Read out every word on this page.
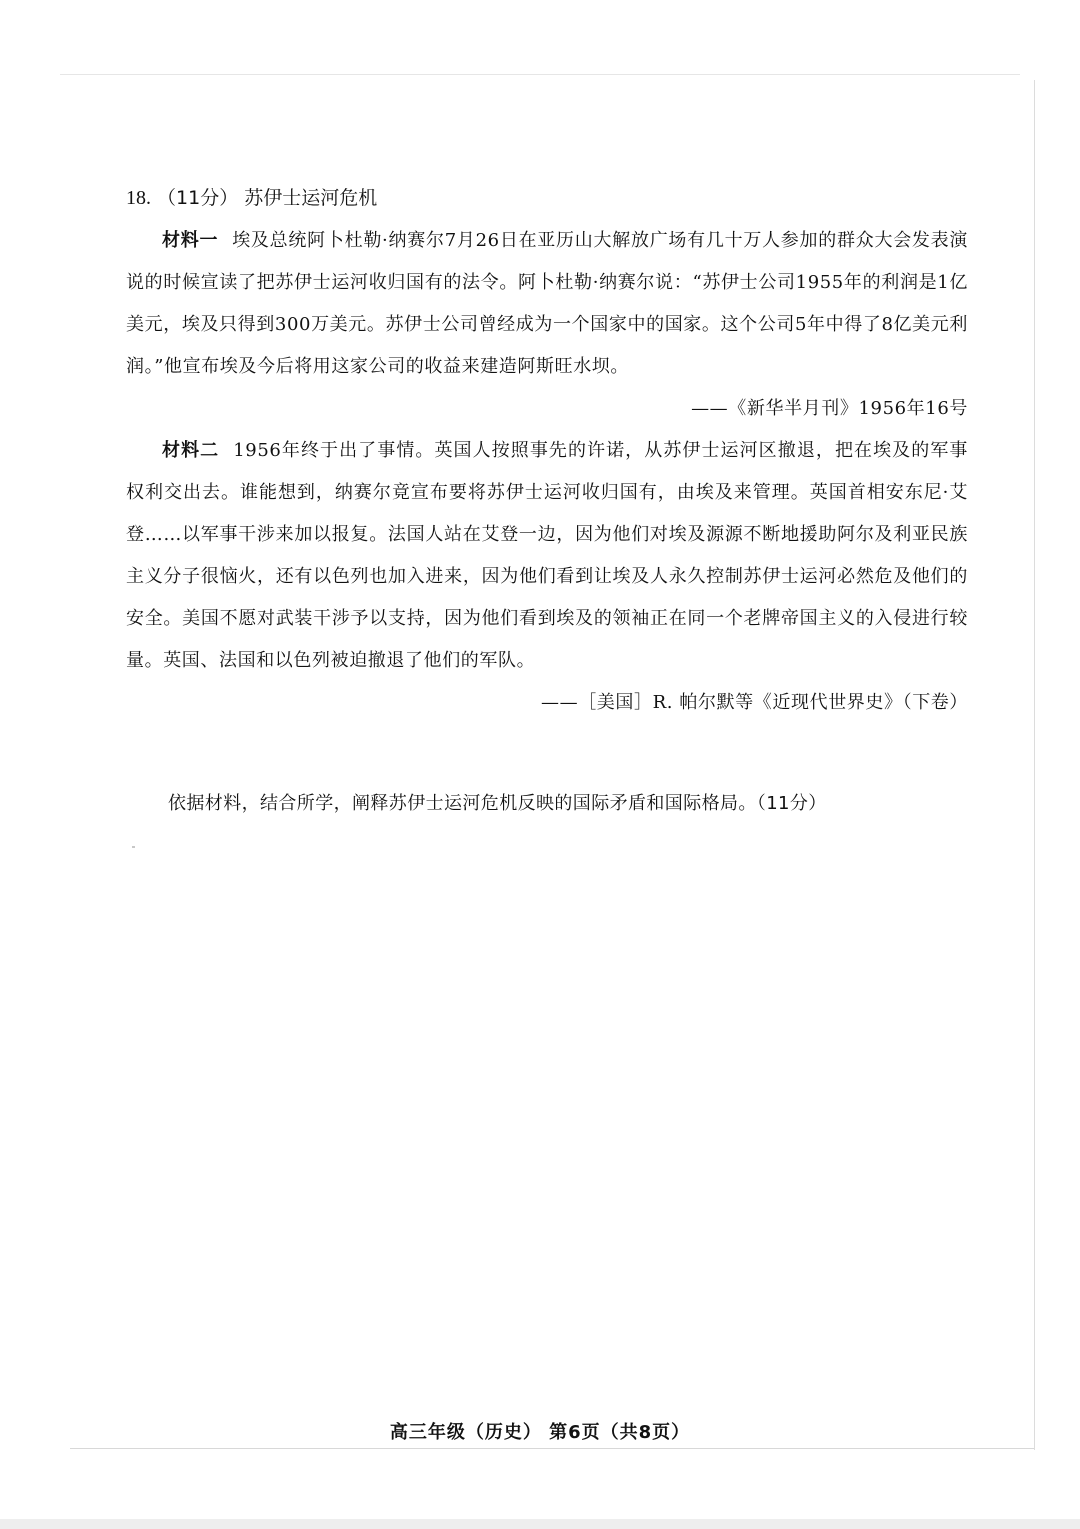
18. （11分） 苏伊士运河危机

材料一 埃及总统阿卜杜勒·纳赛尔7月26日在亚历山大解放广场有几十万人参加的群众大会发表演说的时候宣读了把苏伊士运河收归国有的法令。阿卜杜勒·纳赛尔说：“苏伊士公司1955年的利润是1亿美元，埃及只得到300万美元。苏伊士公司曾经成为一个国家中的国家。这个公司5年中得了8亿美元利润。”他宣布埃及今后将用这家公司的收益来建造阿斯旺水坝。

——《新华半月刊》1956年16号

材料二 1956年终于出了事情。英国人按照事先的许诺，从苏伊士运河区撤退，把在埃及的军事权利交出去。谁能想到，纳赛尔竟宣布要将苏伊士运河收归国有，由埃及来管理。英国首相安东尼·艾登……以军事干涉来加以报复。法国人站在艾登一边，因为他们对埃及源源不断地援助阿尔及利亚民族主义分子很恼火，还有以色列也加入进来，因为他们看到让埃及人永久控制苏伊士运河必然危及他们的安全。美国不愿对武装干涉予以支持，因为他们看到埃及的领袖正在同一个老牌帝国主义的入侵进行较量。英国、法国和以色列被迫撤退了他们的军队。

——［美国］R. 帕尔默等《近现代世界史》（下卷）

依据材料，结合所学，阐释苏伊士运河危机反映的国际矛盾和国际格局。（11分）
高三年级（历史） 第6页（共8页）
